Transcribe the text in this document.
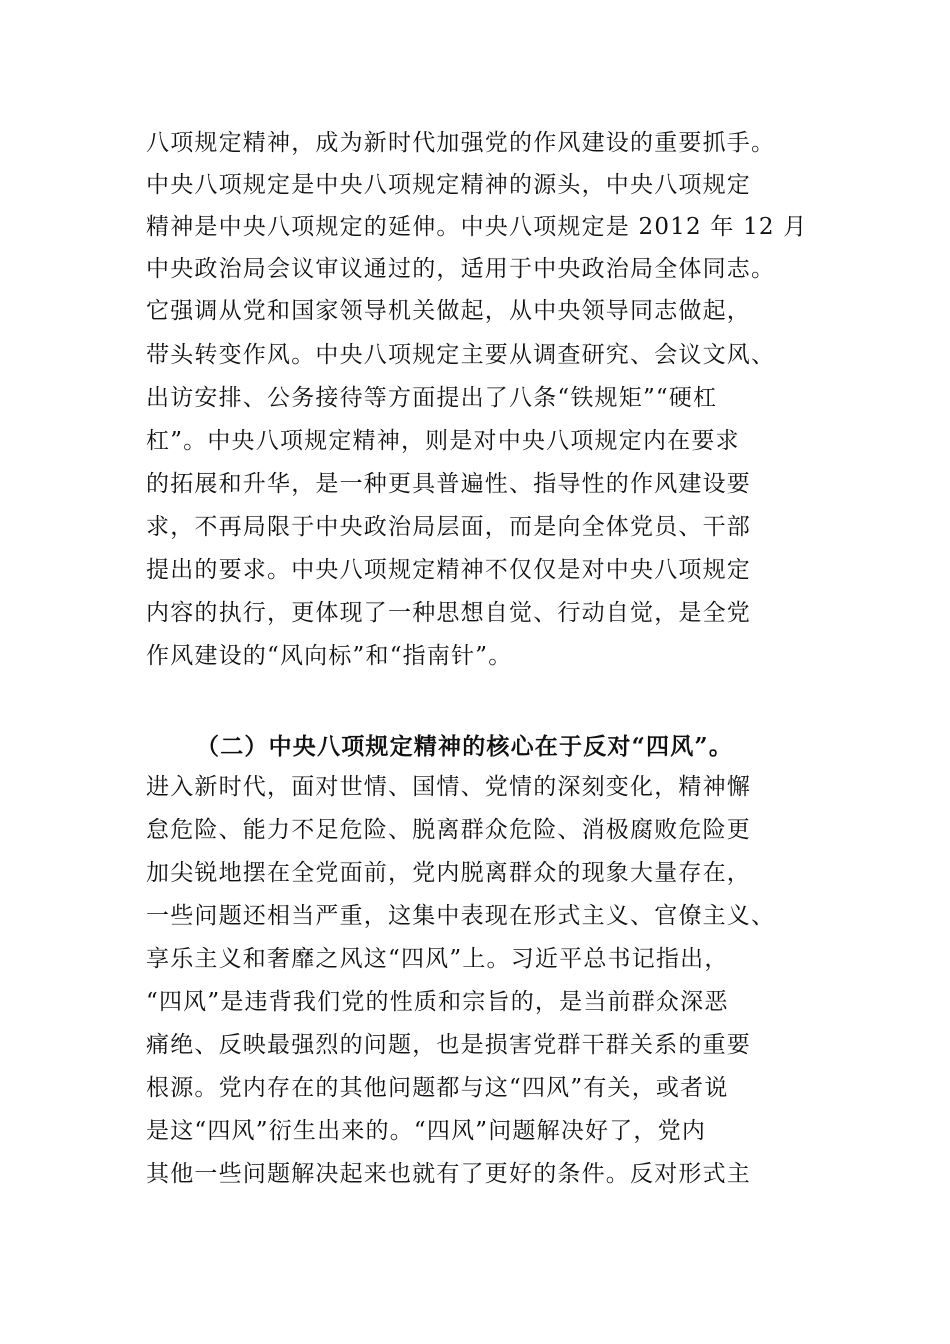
八项规定精神，成为新时代加强党的作风建设的重要抓手。
中央八项规定是中央八项规定精神的源头，中央八项规定
精神是中央八项规定的延伸。中央八项规定是 2012 年 12 月
中央政治局会议审议通过的，适用于中央政治局全体同志。
它强调从党和国家领导机关做起，从中央领导同志做起，
带头转变作风。中央八项规定主要从调查研究、会议文风、
出访安排、公务接待等方面提出了八条“铁规矩”“硬杠
杠”。中央八项规定精神，则是对中央八项规定内在要求
的拓展和升华，是一种更具普遍性、指导性的作风建设要
求，不再局限于中央政治局层面，而是向全体党员、干部
提出的要求。中央八项规定精神不仅仅是对中央八项规定
内容的执行，更体现了一种思想自觉、行动自觉，是全党
作风建设的“风向标”和“指南针”。
（二）中央八项规定精神的核心在于反对“四风”。
进入新时代，面对世情、国情、党情的深刻变化，精神懈
怠危险、能力不足危险、脱离群众危险、消极腐败危险更
加尖锐地摆在全党面前，党内脱离群众的现象大量存在，
一些问题还相当严重，这集中表现在形式主义、官僚主义、
享乐主义和奢靡之风这“四风”上。习近平总书记指出，
“四风”是违背我们党的性质和宗旨的，是当前群众深恶
痛绝、反映最强烈的问题，也是损害党群干群关系的重要
根源。党内存在的其他问题都与这“四风”有关，或者说
是这“四风”衍生出来的。“四风”问题解决好了，党内
其他一些问题解决起来也就有了更好的条件。反对形式主
